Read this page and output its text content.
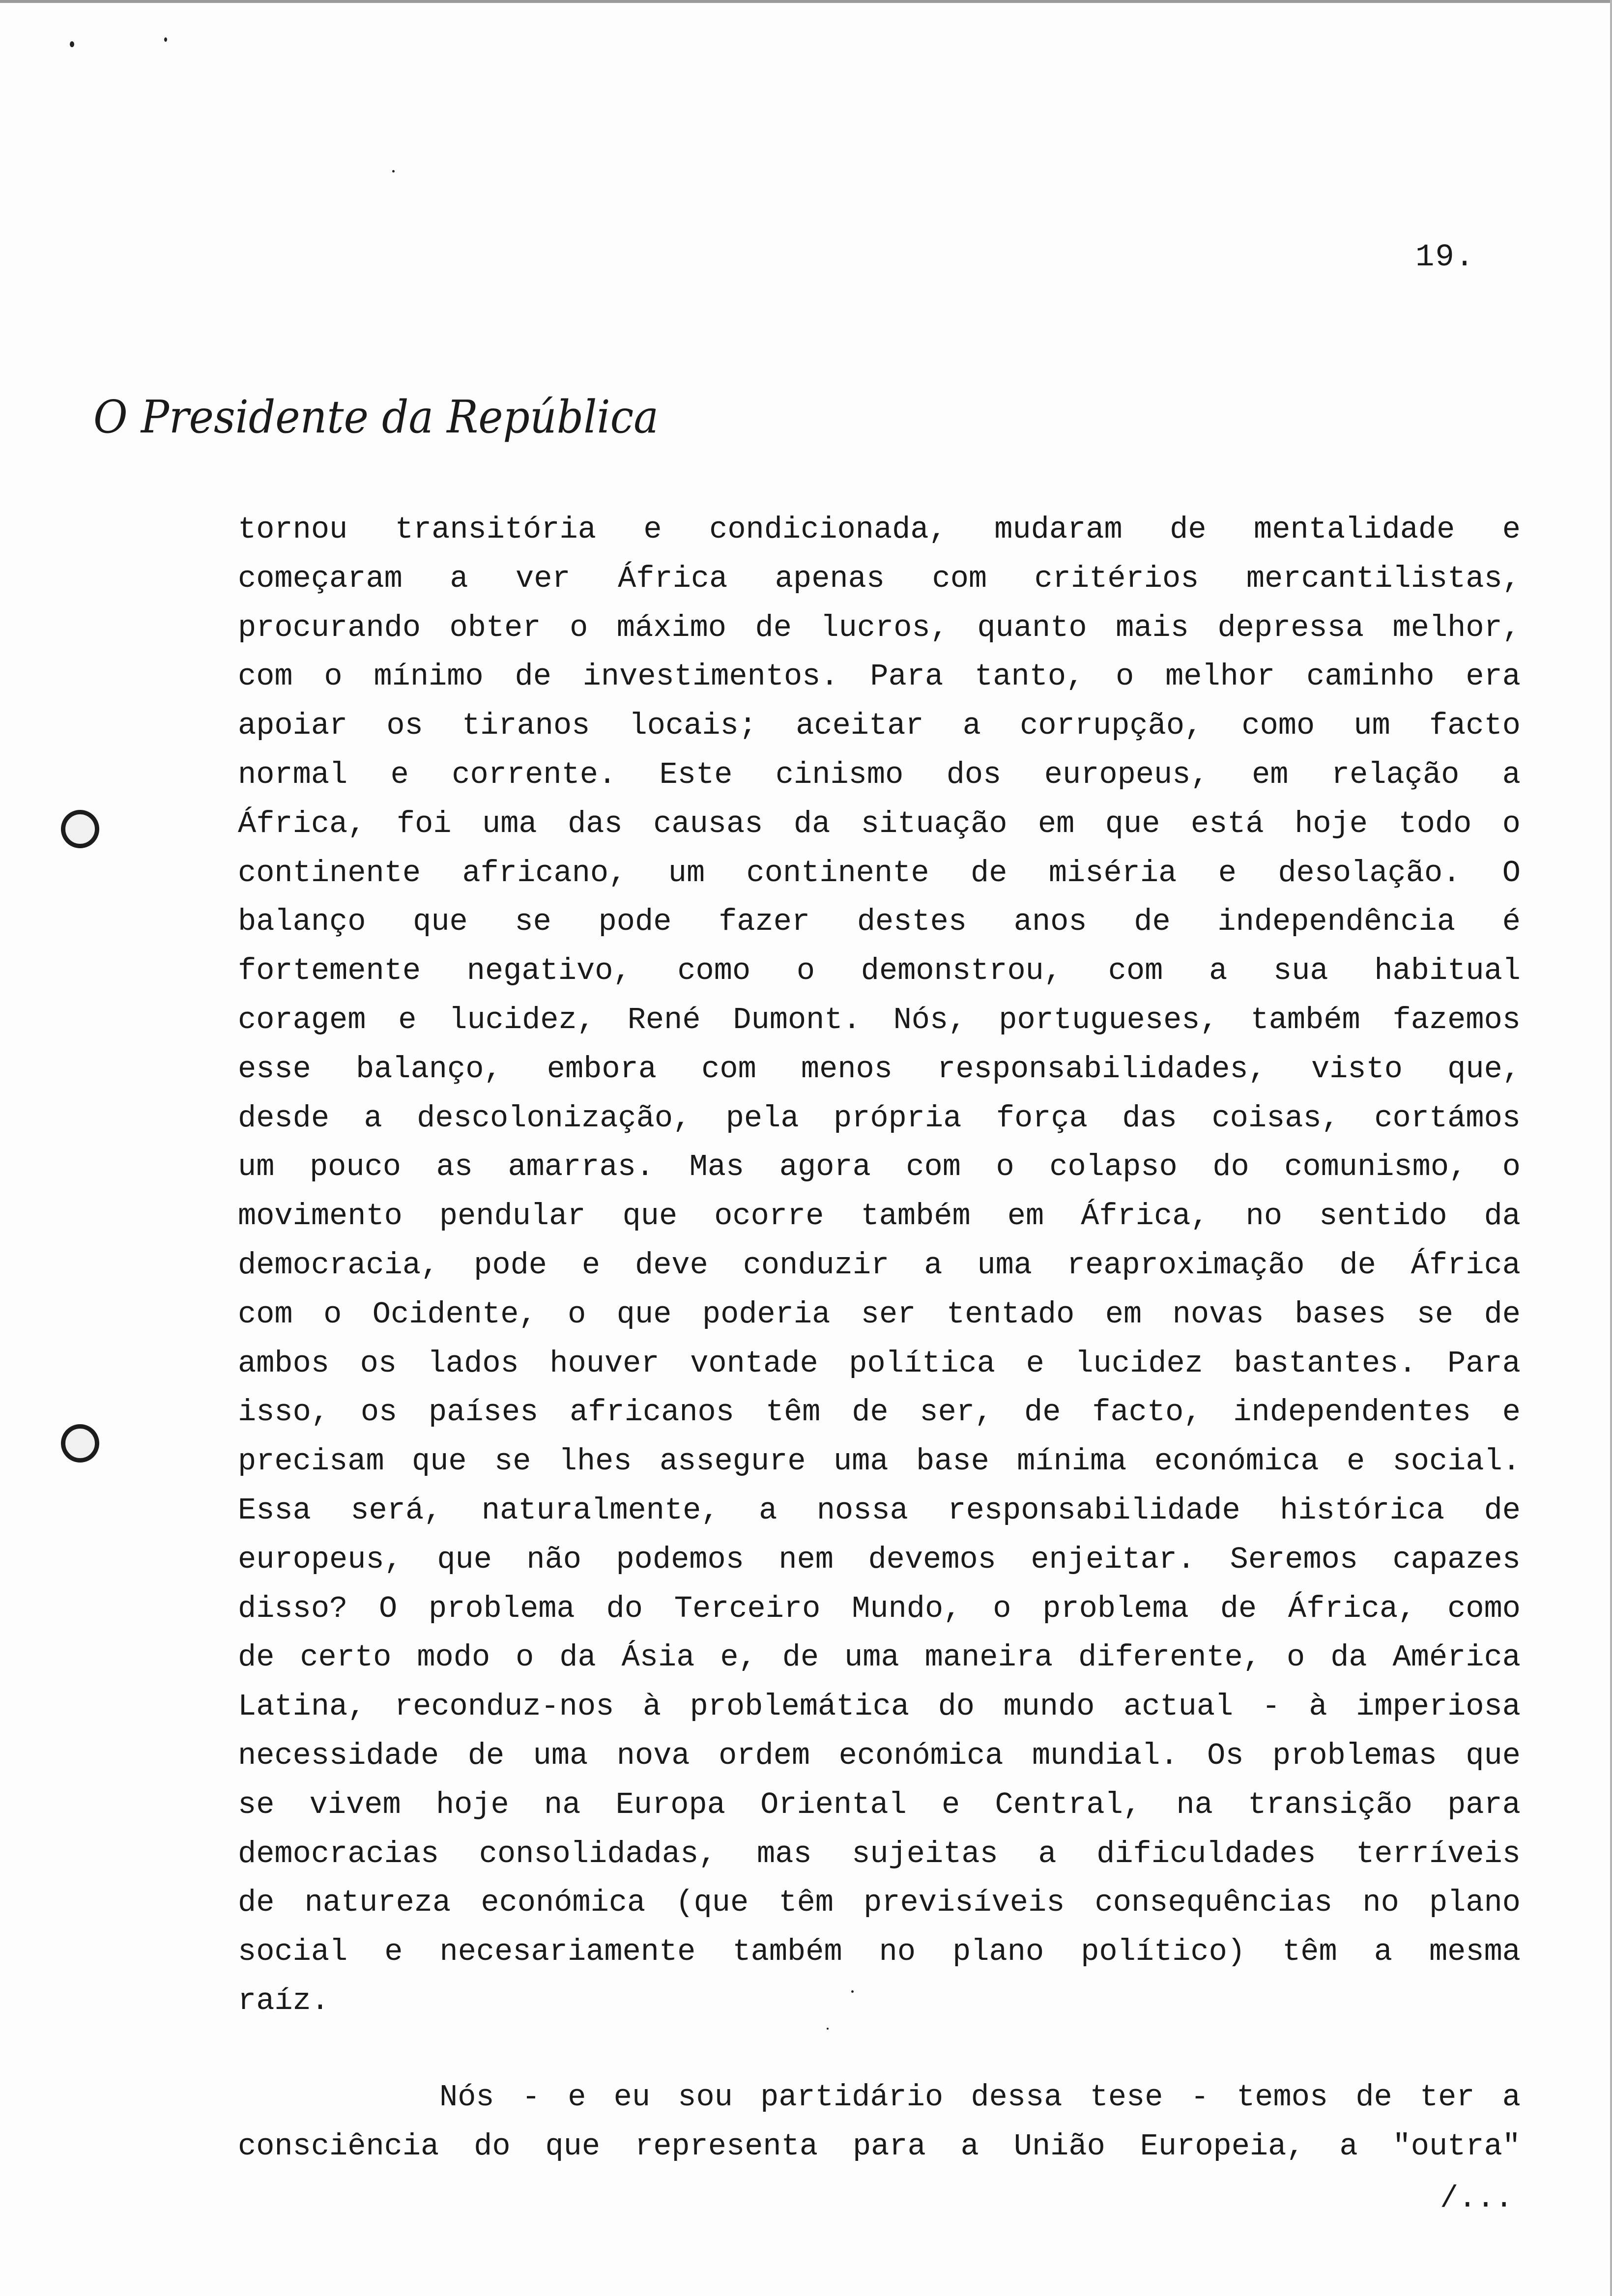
19.
O Presidente da República
tornou transitória e condicionada, mudaram de mentalidade e
começaram a ver África apenas com critérios mercantilistas,
procurando obter o máximo de lucros, quanto mais depressa melhor,
com o mínimo de investimentos. Para tanto, o melhor caminho era
apoiar os tiranos locais; aceitar a corrupção, como um facto
normal e corrente. Este cinismo dos europeus, em relação a
África, foi uma das causas da situação em que está hoje todo o
continente africano, um continente de miséria e desolação. O
balanço que se pode fazer destes anos de independência é
fortemente negativo, como o demonstrou, com a sua habitual
coragem e lucidez, René Dumont. Nós, portugueses, também fazemos
esse balanço, embora com menos responsabilidades, visto que,
desde a descolonização, pela própria força das coisas, cortámos
um pouco as amarras. Mas agora com o colapso do comunismo, o
movimento pendular que ocorre também em África, no sentido da
democracia, pode e deve conduzir a uma reaproximação de África
com o Ocidente, o que poderia ser tentado em novas bases se de
ambos os lados houver vontade política e lucidez bastantes. Para
isso, os países africanos têm de ser, de facto, independentes e
precisam que se lhes assegure uma base mínima económica e social.
Essa será, naturalmente, a nossa responsabilidade histórica de
europeus, que não podemos nem devemos enjeitar. Seremos capazes
disso? O problema do Terceiro Mundo, o problema de África, como
de certo modo o da Ásia e, de uma maneira diferente, o da América
Latina, reconduz-nos à problemática do mundo actual - à imperiosa
necessidade de uma nova ordem económica mundial. Os problemas que
se vivem hoje na Europa Oriental e Central, na transição para
democracias consolidadas, mas sujeitas a dificuldades terríveis
de natureza económica (que têm previsíveis consequências no plano
social e necesariamente também no plano político) têm a mesma
raíz.
Nós - e eu sou partidário dessa tese - temos de ter a
consciência do que representa para a União Europeia, a "outra"
/...
